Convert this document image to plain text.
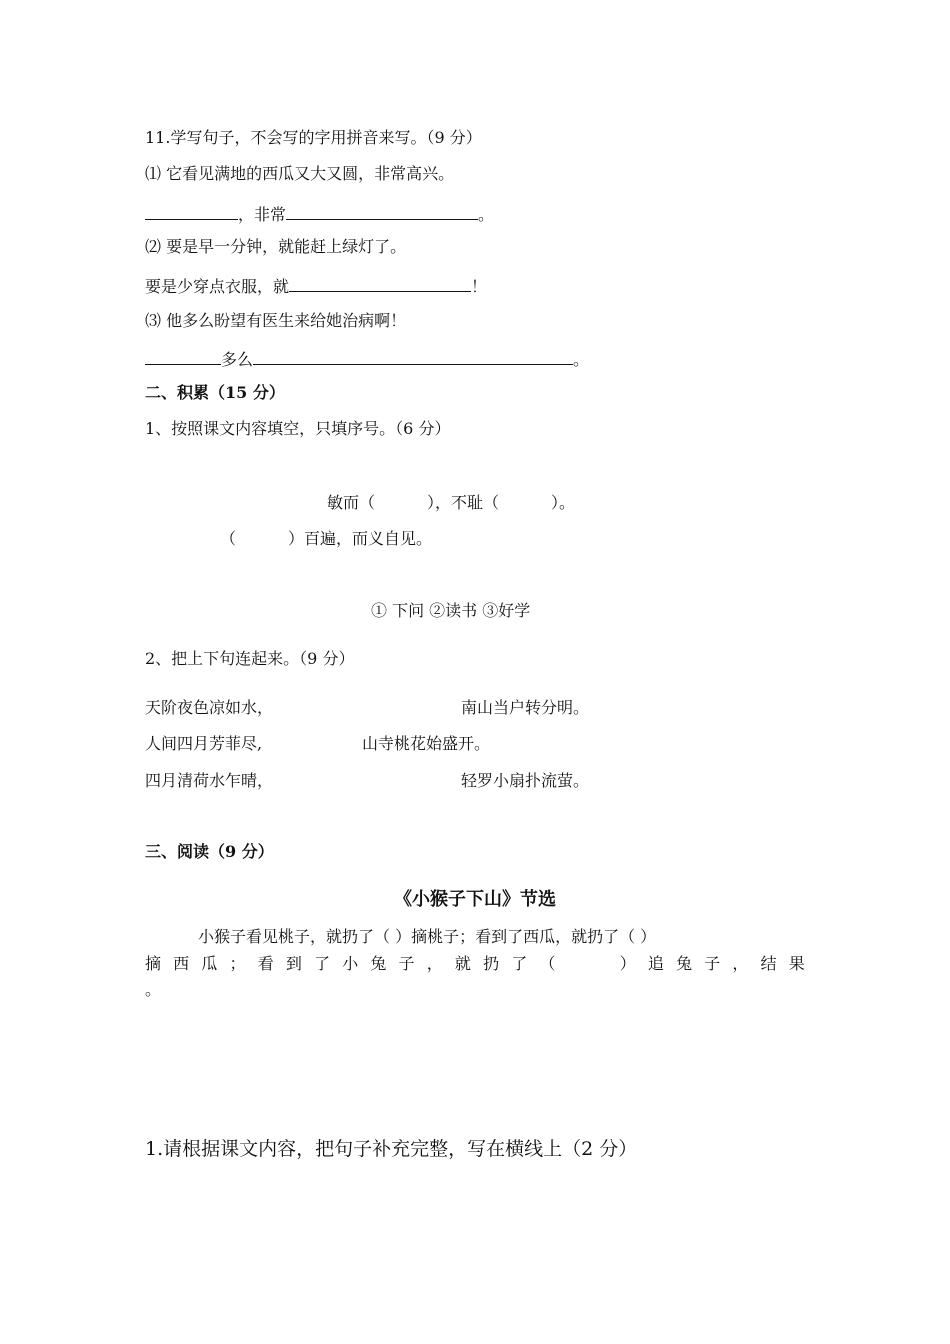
11.学写句子，不会写的字用拼音来写。（9 分）
⑴ 它看见满地的西瓜又大又圆，非常高兴。
，非常	。
⑵ 要是早一分钟，就能赶上绿灯了。
要是少穿点衣服，就	！
⑶ 他多么盼望有医生来给她治病啊！
多么	。
二、积累（15 分）
1、按照课文内容填空，只填序号。（6 分）
敏而（	），不耻（	）。
（	）百遍，而义自见。
① 下问 ②读书 ③好学
2、把上下句连起来。（9 分）
天阶夜色凉如水，	南山当户转分明。
人间四月芳菲尽,	山寺桃花始盛开。
四月清荷水乍晴，	轻罗小扇扑流萤。
三、阅读（9 分）
《小猴子下山》节选
小猴子看见桃子，就扔了（ ）摘桃子；看到了西瓜，就扔了（ ）
摘 西 瓜 ； 看 到 了 小 兔 子 ， 就 扔 了 （	） 追 兔 子 ， 结 果
。
1.请根据课文内容，把句子补充完整，写在横线上（2 分）
